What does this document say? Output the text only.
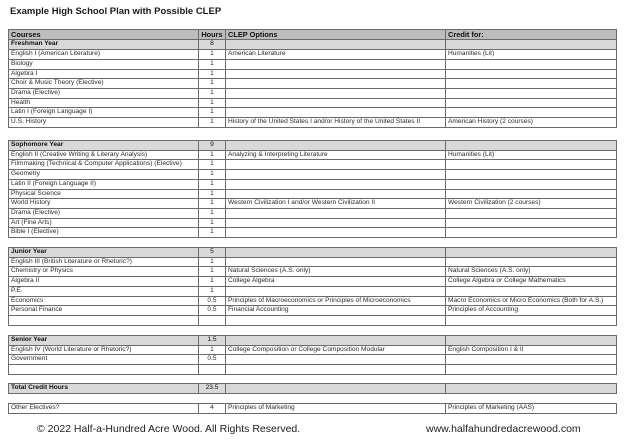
Example High School Plan with Possible CLEP
Courses	Hours	CLEP Options	Credit for:
Freshman Year	8		
English I (American Literature)	1	American Literature	Humanities (Lit)
Biology	1		
Algebra I	1		
Choir & Music Theory (Elective)	1		
Drama (Elective)	1		
Health	1		
Latin I (Foreign Language I)	1		
U.S. History	1	History of the United States I and/or History of the United States II	American History (2 courses)
Sophomore Year	9		
English II (Creative Writing & Literary Analysis)	1	Analyzing & Interpreting Literature	Humanities (Lit)
Filmmaking (Technical & Computer Applications) (Elective)	1		
Geometry	1		
Latin II (Foreign Language II)	1		
Physical Science	1		
World History	1	Western Civilization I and/or Western Civilization II	Western Civilization (2 courses)
Drama (Elective)	1		
Art (Fine Arts)	1		
Bible I (Elective)	1		
Junior Year	5		
English III (British Literature or Rhetoric?)	1		
Chemistry or Physics	1	Natural Sciences (A.S. only)	Natural Sciences (A.S. only)
Algebra II	1	College Algebra	College Algebra or College Mathematics
P.E.	1		
Economics	0.5	Principles of Macroeconomics or Principles of Microeconomics	Macro Economics or Micro Economics (Both for A.S.)
Personal Finance	0.5	Financial Accounting	Principles of Accounting

Senior Year	1.5		
English IV (World Literature or Rhetoric?)	1	College Composition or College Composition Modular	English Composition I & II
Government	0.5		

Total Credit Hours	23.5		
Other Electives?	4	Principles of Marketing	Principles of Marketing (AAS)
© 2022 Half-a-Hundred Acre Wood. All Rights Reserved.	www.halfahundredacrewood.com
